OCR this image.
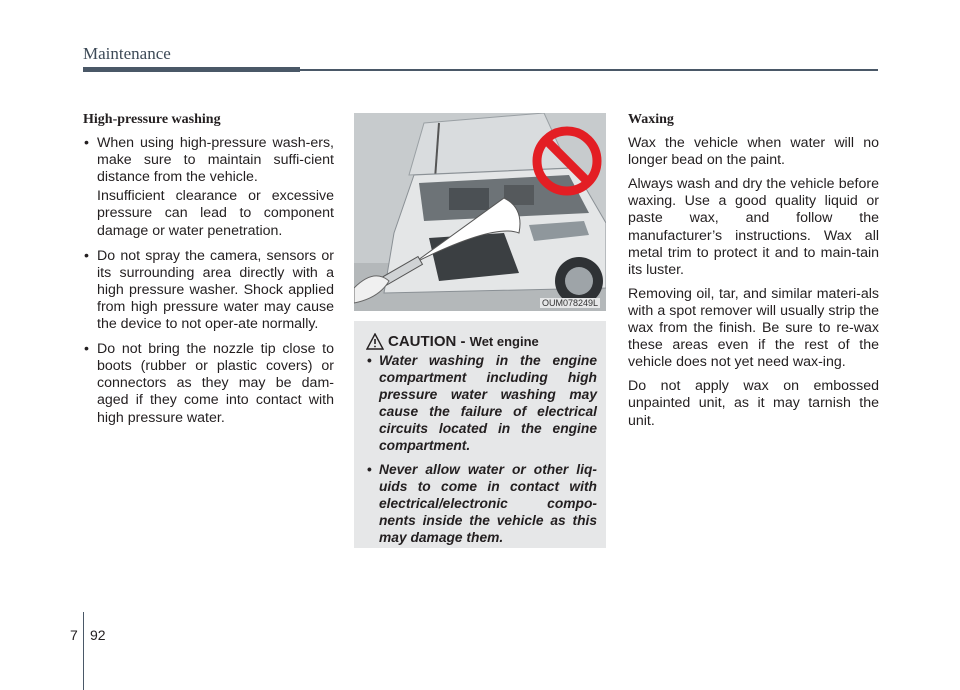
Maintenance

High-pressure washing

• When using high-pressure wash-ers, make sure to maintain suffi-cient distance from the vehicle.

Insufficient clearance or excessive pressure can lead to component damage or water penetration.

• Do not spray the camera, sensors or its surrounding area directly with a high pressure washer. Shock applied from high pressure water may cause the device to not oper-ate normally.

• Do not bring the nozzle tip close to boots (rubber or plastic covers) or connectors as they may be dam-aged if they come into contact with high pressure water.

OUM078249L
CAUTION - Wet engine

• Water washing in the engine compartment including high pressure water washing may cause the failure of electrical circuits located in the engine compartment.

• Never allow water or other liq-uids to come in contact with electrical/electronic compo-nents inside the vehicle as this may damage them.

Waxing

Wax the vehicle when water will no longer bead on the paint.

Always wash and dry the vehicle before waxing. Use a good quality liquid or paste wax, and follow the manufacturer’s instructions. Wax all metal trim to protect it and to main-tain its luster.

Removing oil, tar, and similar materi-als with a spot remover will usually strip the wax from the finish. Be sure to re-wax these areas even if the rest of the vehicle does not yet need wax-ing.

Do not apply wax on embossed unpainted unit, as it may tarnish the unit.

7 92
